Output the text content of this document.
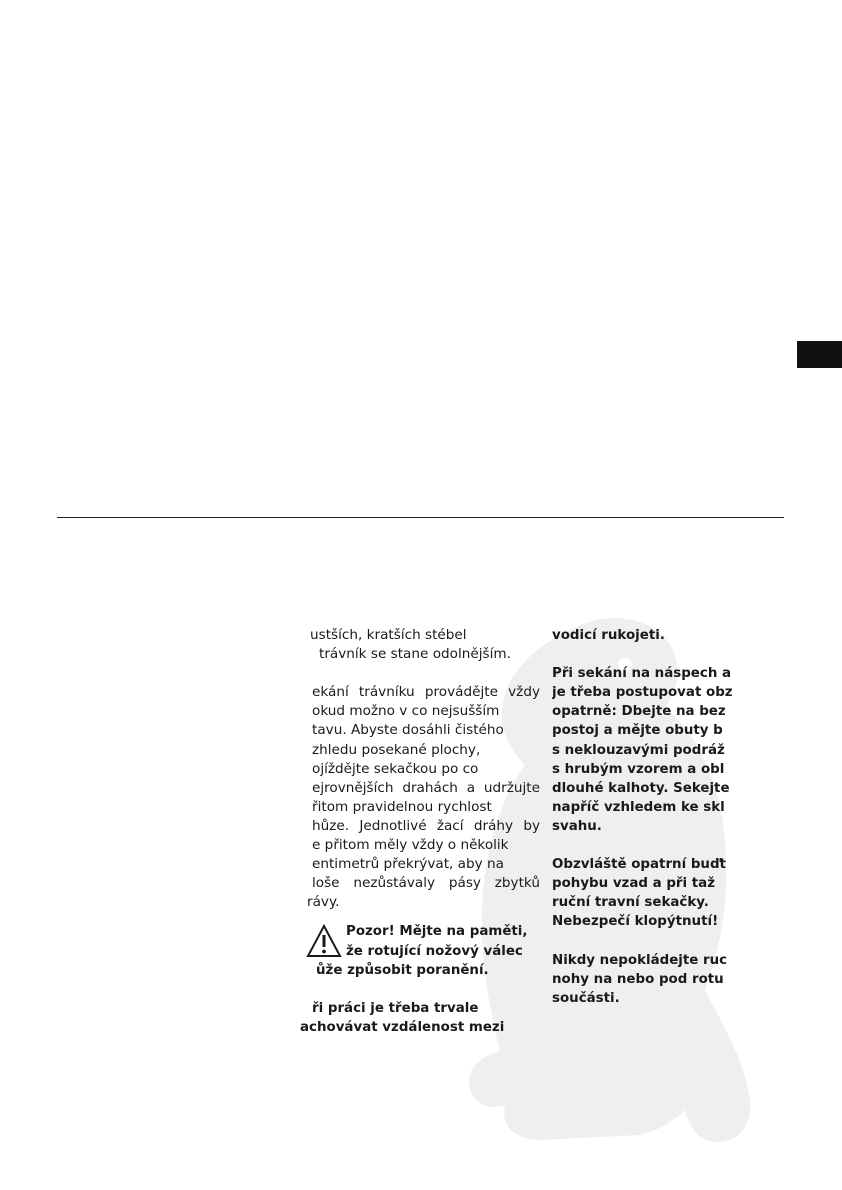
ustších, kratších stébel
trávník se stane odolnějším.
ekání trávníku provádějte vždy
okud možno v co nejsušším
tavu. Abyste dosáhli čistého
zhledu posekané plochy,
ojíždějte sekačkou po co
ejrovnějších drahách a udržujte
řitom pravidelnou rychlost
hůze. Jednotlivé žací dráhy by
e přitom měly vždy o několik
entimetrů překrývat, aby na
loše nezůstávaly pásy zbytků
rávy.
Pozor! Mějte na paměti,
že rotující nožový válec
ůže způsobit poranění.
ři práci je třeba trvale
achovávat vzdálenost mezi
vodicí rukojeti.
Při sekání na náspech a
je třeba postupovat obz
opatrně: Dbejte na bez
postoj a mějte obuty b
s neklouzavými podráž
s hrubým vzorem a obl
dlouhé kalhoty. Sekejte
napříč vzhledem ke skl
svahu.
Obzvláště opatrní buďt
pohybu vzad a při taž
ruční travní sekačky.
Nebezpečí klopýtnutí!
Nikdy nepokládejte ruc
nohy na nebo pod rotu
součásti.
